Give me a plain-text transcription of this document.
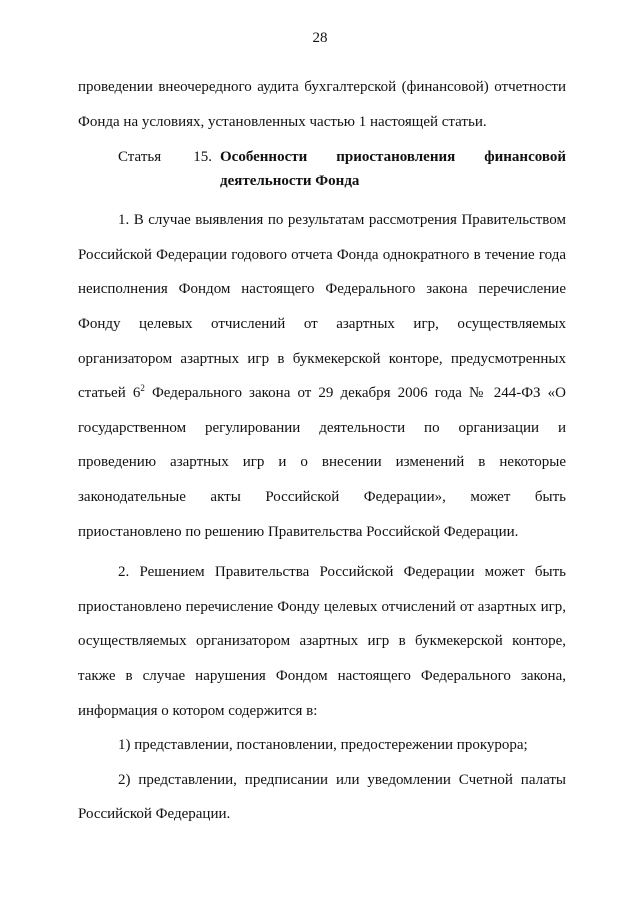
28

проведении внеочередного аудита бухгалтерской (финансовой) отчетности Фонда на условиях, установленных частью 1 настоящей статьи.

Статья 15. Особенности приостановления финансовой
деятельности Фонда

1. В случае выявления по результатам рассмотрения Правительством Российской Федерации годового отчета Фонда однократного в течение года неисполнения Фондом настоящего Федерального закона перечисление Фонду целевых отчислений от азартных игр, осуществляемых организатором азартных игр в букмекерской конторе, предусмотренных статьей $6^2$ Федерального закона от 29 декабря 2006 года № 244-ФЗ «О государственном регулировании деятельности по организации и проведению азартных игр и о внесении изменений в некоторые законодательные акты Российской Федерации», может быть приостановлено по решению Правительства Российской Федерации.

2. Решением Правительства Российской Федерации может быть приостановлено перечисление Фонду целевых отчислений от азартных игр, осуществляемых организатором азартных игр в букмекерской конторе, также в случае нарушения Фондом настоящего Федерального закона, информация о котором содержится в:

1) представлении, постановлении, предостережении прокурора;

2) представлении, предписании или уведомлении Счетной палаты Российской Федерации.
